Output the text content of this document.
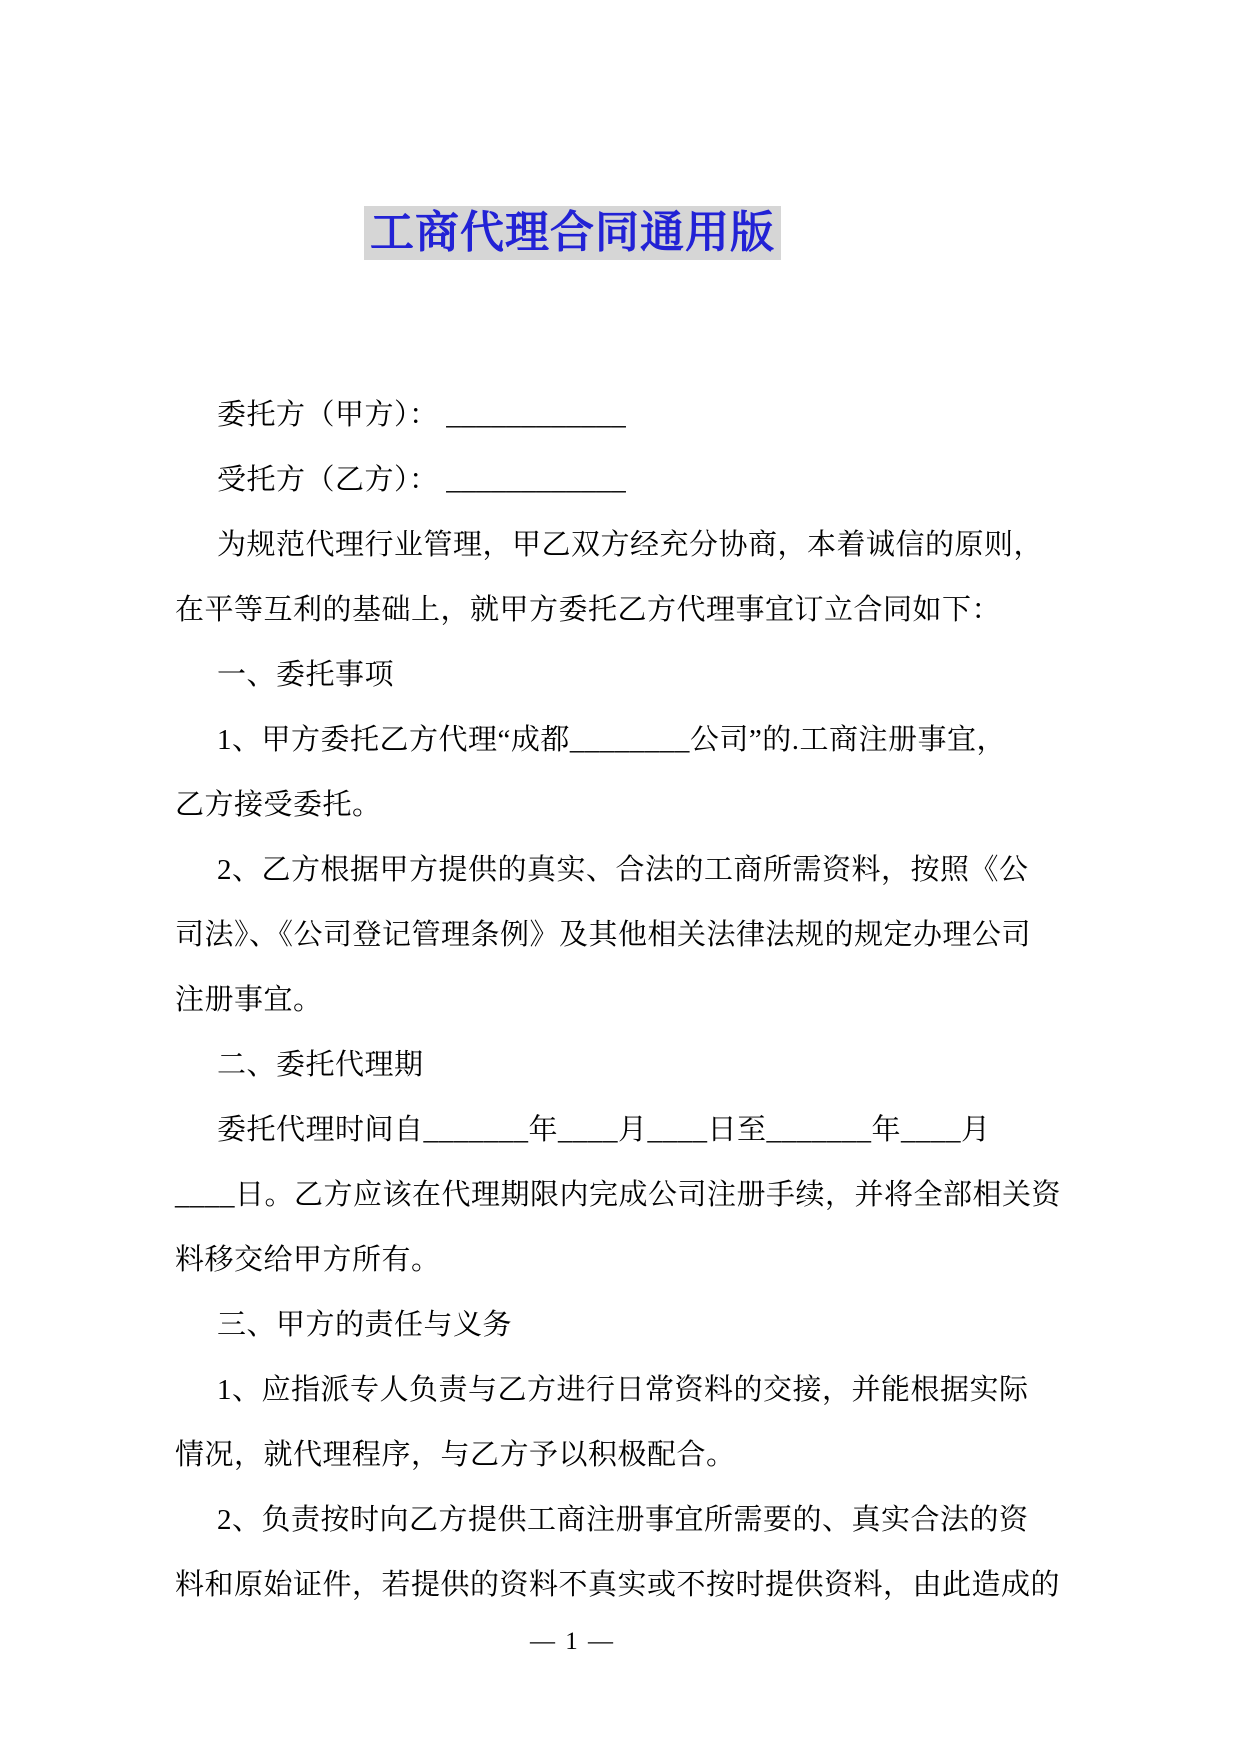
工商代理合同通用版
委托方（甲方）： ____________
受托方（乙方）： ____________
为规范代理行业管理，甲乙双方经充分协商，本着诚信的原则，
在平等互利的基础上，就甲方委托乙方代理事宜订立合同如下：
一、委托事项
1、甲方委托乙方代理“成都________公司”的.工商注册事宜，
乙方接受委托。
2、乙方根据甲方提供的真实、合法的工商所需资料，按照《公
司法》、《公司登记管理条例》及其他相关法律法规的规定办理公司
注册事宜。
二、委托代理期
委托代理时间自_______年____月____日至_______年____月
____日。乙方应该在代理期限内完成公司注册手续，并将全部相关资
料移交给甲方所有。
三、甲方的责任与义务
1、应指派专人负责与乙方进行日常资料的交接，并能根据实际
情况，就代理程序，与乙方予以积极配合。
2、负责按时向乙方提供工商注册事宜所需要的、真实合法的资
料和原始证件，若提供的资料不真实或不按时提供资料，由此造成的
— 1 —
